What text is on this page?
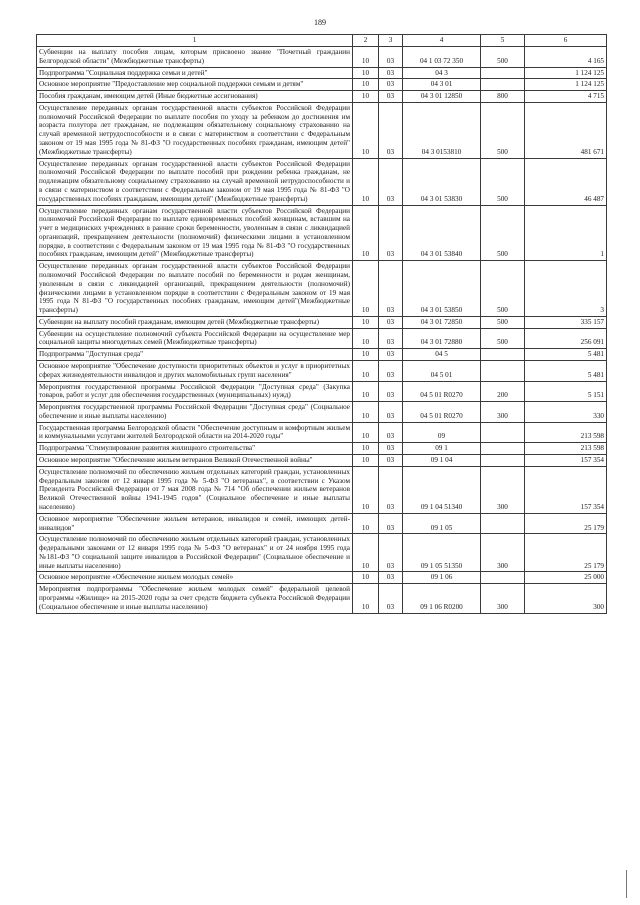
189
1	2	3	4	5	6
Субвенции на выплату пособия лицам, которым присвоено звание "Почетный гражданин Белгородской области" (Межбюджетные трансферты)	10	03	04 1 03 72 350	500	4 165
Подпрограмма "Социальная поддержка семьи и детей"	10	03	04 3		1 124 125
Основное мероприятие "Предоставление мер социальной поддержки семьям и детям"	10	03	04 3 01		1 124 125
Пособия гражданам, имеющим детей (Иные бюджетные ассигнования)	10	03	04 3 01 12850	800	4 715
Осуществление переданных органам государственной власти субъектов Российской Федерации полномочий Российской Федерации по выплате пособия по уходу за ребенком до достижения им возраста полутора лет гражданам, не подлежащим обязательному социальному страхованию на случай временной нетрудоспособности и в связи с материнством в соответствии с Федеральным законом от 19 мая 1995 года № 81-ФЗ "О государственных пособиях гражданам, имеющим детей" (Межбюджетные трансферты)	10	03	04 3 0153810	500	481 671
Осуществление переданных органам государственной власти субъектов Российской Федерации полномочий Российской Федерации по выплате пособий при рождении ребенка гражданам, не подлежащим обязательному социальному страхованию на случай временной нетрудоспособности и в связи с материнством в соответствии с Федеральным законом от 19 мая 1995 года № 81-ФЗ "О государственных пособиях гражданам, имеющим детей" (Межбюджетные трансферты)	10	03	04 3 01 53830	500	46 487
Осуществление переданных органам государственной власти субъектов Российской Федерации полномочий Российской Федерации по выплате единовременных пособий женщинам, вставшим на учет в медицинских учреждениях в ранние сроки беременности, уволенным в связи с ликвидацией организаций, прекращением деятельности (полномочий) физическими лицами в установленном порядке, в соответствии с Федеральным законом от 19 мая 1995 года № 81-ФЗ "О государственных пособиях гражданам, имеющим детей" (Межбюджетные трансферты)	10	03	04 3 01 53840	500	1
Осуществление переданных органам государственной власти субъектов Российской Федерации полномочий Российской Федерации по выплате пособий по беременности и родам женщинам, уволенным в связи с ликвидацией организаций, прекращением деятельности (полномочий) физическими лицами в установленном порядке в соответствии с Федеральным законом от 19 мая 1995 года N 81-ФЗ "О государственных пособиях гражданам, имеющим детей"(Межбюджетные трансферты)	10	03	04 3 01 53850	500	3
Субвенции на выплату пособий гражданам, имеющим детей (Межбюджетные трансферты)	10	03	04 3 01 72850	500	335 157
Субвенции на осуществление полномочий субъекта Российской Федерации на осуществление мер социальной защиты многодетных семей (Межбюджетные трансферты)	10	03	04 3 01 72880	500	256 091
Подпрограмма "Доступная среда"	10	03	04 5		5 481
Основное мероприятие "Обеспечение доступности приоритетных объектов и услуг в приоритетных сферах жизнедеятельности инвалидов и других маломобильных групп населения"	10	03	04 5 01		5 481
Мероприятия государственной программы Российской Федерации "Доступная среда" (Закупка товаров, работ и услуг для обеспечения государственных (муниципальных) нужд)	10	03	04 5 01 R0270	200	5 151
Мероприятия государственной программы Российской Федерации "Доступная среда" (Социальное обеспечение и иные выплаты населению)	10	03	04 5 01 R0270	300	330
Государственная программа Белгородской области "Обеспечение доступным и комфортным жильем и коммунальными услугами жителей Белгородской области на 2014-2020 годы"	10	03	09		213 598
Подпрограмма "Стимулирование развития жилищного строительства"	10	03	09 1		213 598
Основное мероприятие "Обеспечение жильем ветеранов Великой Отечественной войны"	10	03	09 1 04		157 354
Осуществление полномочий по обеспечению жильем отдельных категорий граждан, установленных Федеральным законом от 12 января 1995 года № 5-ФЗ "О ветеранах", в соответствии с Указом Президента Российской Федерации от 7 мая 2008 года № 714 "Об обеспечении жильем ветеранов Великой Отечественной войны 1941-1945 годов" (Социальное обеспечение и иные выплаты населению)	10	03	09 1 04 51340	300	157 354
Основное мероприятие "Обеспечение жильем ветеранов, инвалидов и семей, имеющих детей-инвалидов"	10	03	09 1 05		25 179
Осуществление полномочий по обеспечению жильем отдельных категорий граждан, установленных федеральными законами от 12 января 1995 года № 5-ФЗ "О ветеранах" и от 24 ноября 1995 года №181-ФЗ "О социальной защите инвалидов в Российской Федерации" (Социальное обеспечение и иные выплаты населению)	10	03	09 1 05 51350	300	25 179
Основное мероприятие «Обеспечение жильем молодых семей»	10	03	09 1 06		25 000
Мероприятия подпрограммы "Обеспечение жильем молодых семей" федеральной целевой программы «Жилище» на 2015-2020 годы за счет средств бюджета субъекта Российской Федерации (Социальное обеспечение и иные выплаты населению)	10	03	09 1 06 R0200	300	300
